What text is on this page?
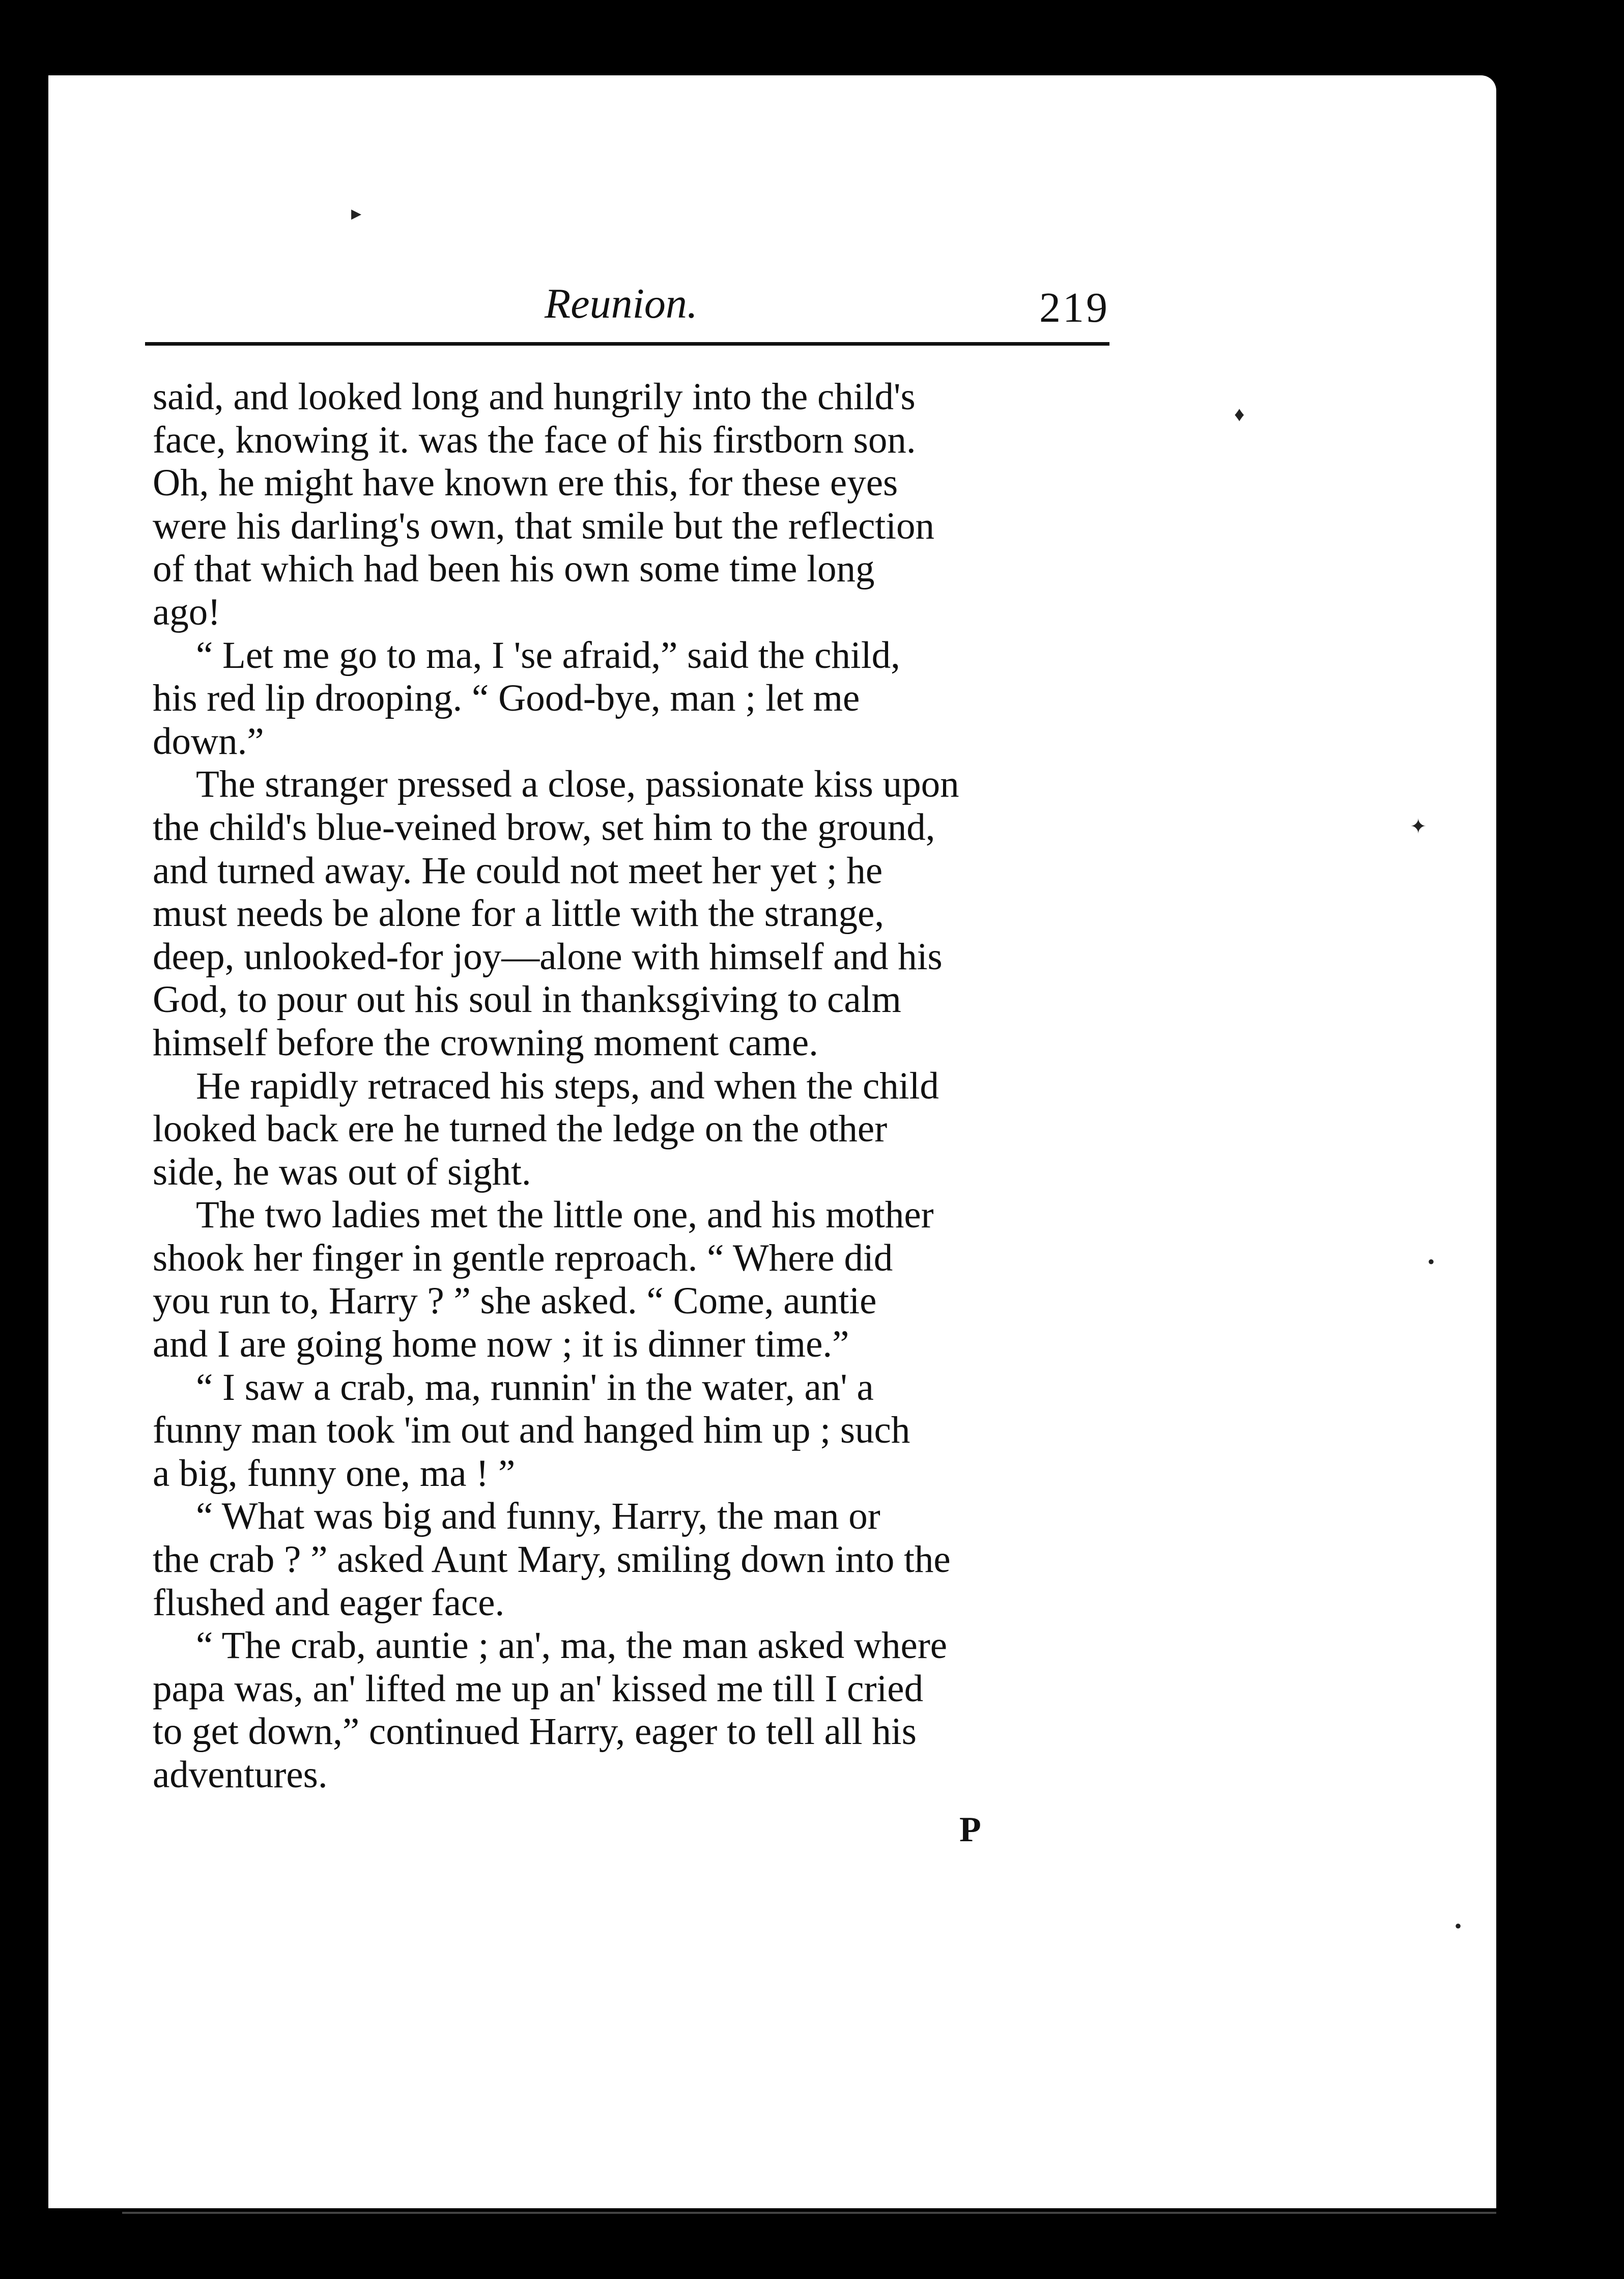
Reunion.	219
said, and looked long and hungrily into the child's
face, knowing it. was the face of his firstborn son.
Oh, he might have known ere this, for these eyes
were his darling's own, that smile but the reflection
of that which had been his own some time long
ago!
“ Let me go to ma, I 'se afraid,” said the child,
his red lip drooping. “ Good-bye, man ; let me
down.”
The stranger pressed a close, passionate kiss upon
the child's blue-veined brow, set him to the ground,
and turned away. He could not meet her yet ; he
must needs be alone for a little with the strange,
deep, unlooked-for joy—alone with himself and his
God, to pour out his soul in thanksgiving to calm
himself before the crowning moment came.
He rapidly retraced his steps, and when the child
looked back ere he turned the ledge on the other
side, he was out of sight.
The two ladies met the little one, and his mother
shook her finger in gentle reproach. “ Where did
you run to, Harry ? ” she asked. “ Come, auntie
and I are going home now ; it is dinner time.”
“ I saw a crab, ma, runnin' in the water, an' a
funny man took 'im out and hanged him up ; such
a big, funny one, ma ! ”
“ What was big and funny, Harry, the man or
the crab ? ” asked Aunt Mary, smiling down into the
flushed and eager face.
“ The crab, auntie ; an', ma, the man asked where
papa was, an' lifted me up an' kissed me till I cried
to get down,” continued Harry, eager to tell all his
adventures.
P
▸
♦
✦
•
•
